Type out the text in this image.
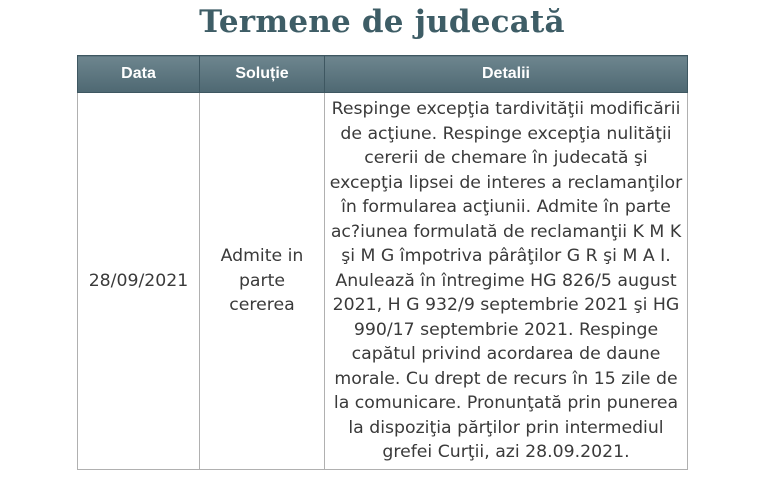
Termene de judecată
Data	Soluție	Detalii
28/09/2021	Admite in parte cererea	Respinge excepţia tardivităţii modificării de acţiune. Respinge excepţia nulităţii cererii de chemare în judecată şi excepţia lipsei de interes a reclamanţilor în formularea acţiunii. Admite în parte ac?iunea formulată de reclamanţii K M K şi M G împotriva pârâţilor G R şi M A I. Anulează în întregime HG 826/5 august 2021, H G 932/9 septembrie 2021 şi HG 990/17 septembrie 2021. Respinge capătul privind acordarea de daune morale. Cu drept de recurs în 15 zile de la comunicare. Pronunţată prin punerea la dispoziţia părţilor prin intermediul grefei Curţii, azi 28.09.2021.
